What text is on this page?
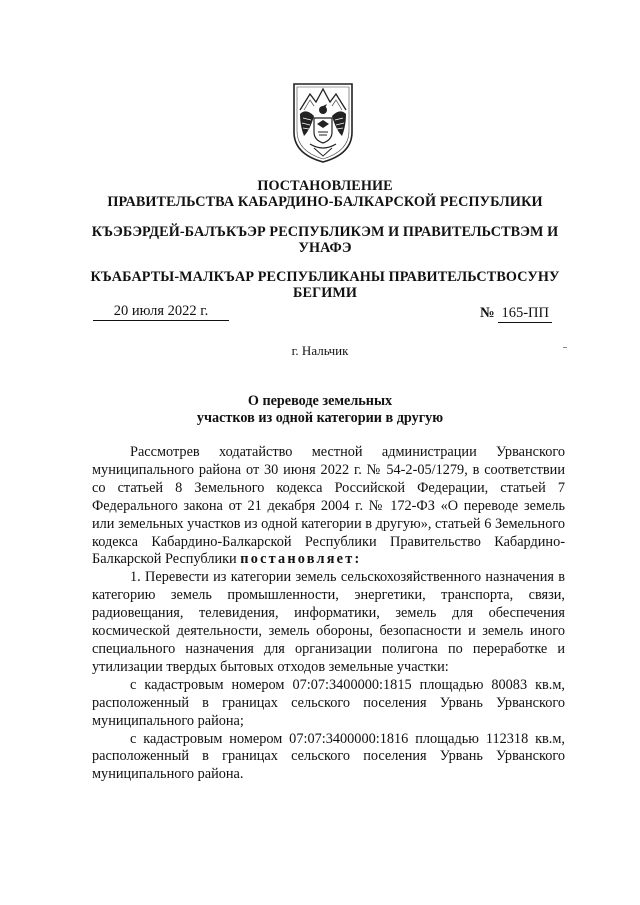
ПОСТАНОВЛЕНИЕ
ПРАВИТЕЛЬСТВА КАБАРДИНО-БАЛКАРСКОЙ РЕСПУБЛИКИ
КЪЭБЭРДЕЙ-БАЛЪКЪЭР РЕСПУБЛИКЭМ И ПРАВИТЕЛЬСТВЭМ И
УНАФЭ
КЪАБАРТЫ-МАЛКЪАР РЕСПУБЛИКАНЫ ПРАВИТЕЛЬСТВОСУНУ
БЕГИМИ
20 июля 2022 г.	№ 165-ПП
г. Нальчик
О переводе земельных
участков из одной категории в другую

Рассмотрев ходатайство местной администрации Урванского муниципального района от 30 июня 2022 г. № 54-2-05/1279, в соответствии со статьей 8 Земельного кодекса Российской Федерации, статьей 7 Федерального закона от 21 декабря 2004 г. № 172-ФЗ «О переводе земель или земельных участков из одной категории в другую», статьей 6 Земельного кодекса Кабардино-Балкарской Республики Правительство Кабардино-Балкарской Республики постановляет:

1. Перевести из категории земель сельскохозяйственного назначения в категорию земель промышленности, энергетики, транспорта, связи, радиовещания, телевидения, информатики, земель для обеспечения космической деятельности, земель обороны, безопасности и земель иного специального назначения для организации полигона по переработке и утилизации твердых бытовых отходов земельные участки:

с кадастровым номером 07:07:3400000:1815 площадью 80083 кв.м, расположенный в границах сельского поселения Урвань Урванского муниципального района;

с кадастровым номером 07:07:3400000:1816 площадью 112318 кв.м, расположенный в границах сельского поселения Урвань Урванского муниципального района.
